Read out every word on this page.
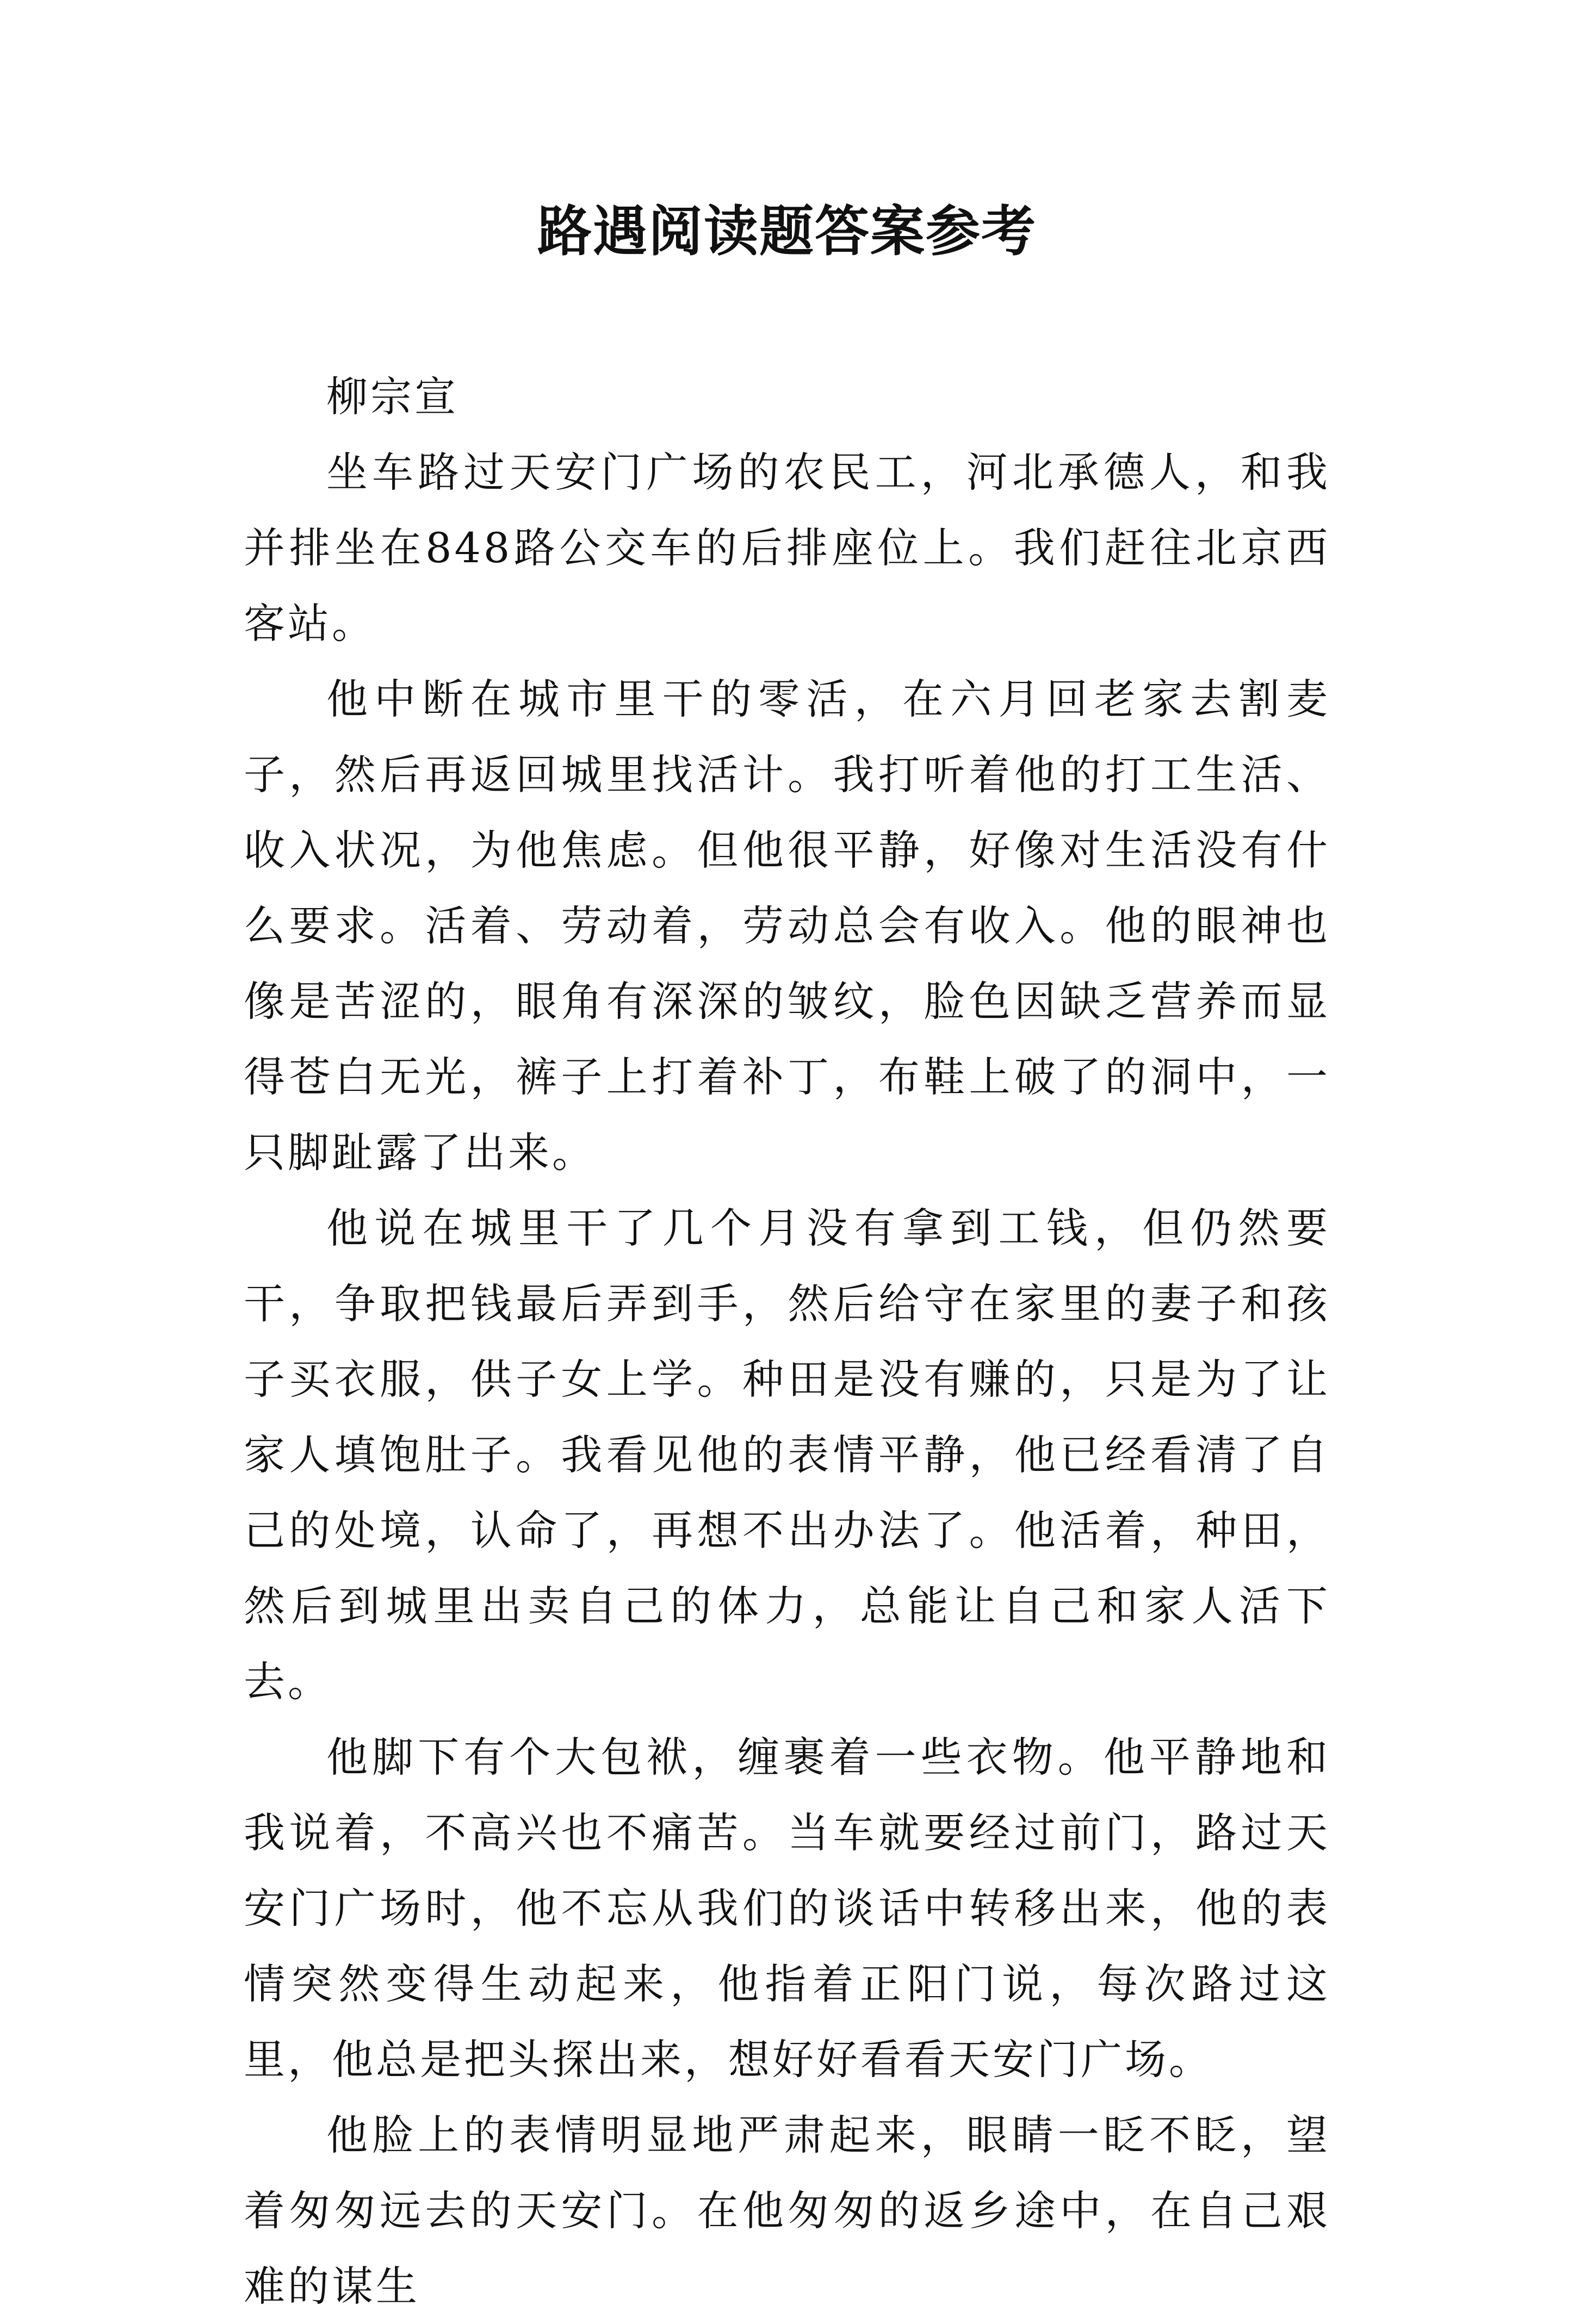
路遇阅读题答案参考

柳宗宣

坐车路过天安门广场的农民工，河北承德人，和我并排坐在848路公交车的后排座位上。我们赶往北京西客站。

他中断在城市里干的零活，在六月回老家去割麦子，然后再返回城里找活计。我打听着他的打工生活、收入状况，为他焦虑。但他很平静，好像对生活没有什么要求。活着、劳动着，劳动总会有收入。他的眼神也像是苦涩的，眼角有深深的皱纹，脸色因缺乏营养而显得苍白无光，裤子上打着补丁，布鞋上破了的洞中，一只脚趾露了出来。

他说在城里干了几个月没有拿到工钱，但仍然要干，争取把钱最后弄到手，然后给守在家里的妻子和孩子买衣服，供子女上学。种田是没有赚的，只是为了让家人填饱肚子。我看见他的表情平静，他已经看清了自己的处境，认命了，再想不出办法了。他活着，种田，然后到城里出卖自己的体力，总能让自己和家人活下去。

他脚下有个大包袱，缠裹着一些衣物。他平静地和我说着，不高兴也不痛苦。当车就要经过前门，路过天安门广场时，他不忘从我们的谈话中转移出来，他的表情突然变得生动起来，他指着正阳门说，每次路过这里，他总是把头探出来，想好好看看天安门广场。

他脸上的表情明显地严肃起来，眼睛一眨不眨，望着匆匆远去的天安门。在他匆匆的返乡途中，在自己艰难的谋生
